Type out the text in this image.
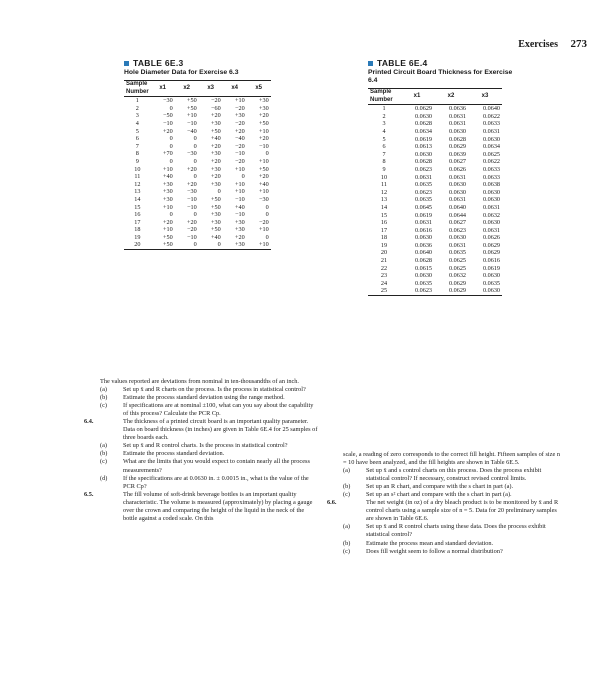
Exercises 273
TABLE 6E.3
Hole Diameter Data for Exercise 6.3
Sample Number	x1	x2	x3	x4	x5
1	−30	+50	−20	+10	+30
2	0	+50	−60	−20	+30
3	−50	+10	+20	+30	+20
4	−10	−10	+30	−20	+50
5	+20	−40	+50	+20	+10
6	0	0	+40	−40	+20
7	0	0	+20	−20	−10
8	+70	−30	+30	−10	0
9	0	0	+20	−20	+10
10	+10	+20	+30	+10	+50
11	+40	0	+20	0	+20
12	+30	+20	+30	+10	+40
13	+30	−30	0	+10	+10
14	+30	−10	+50	−10	−30
15	+10	−10	+50	+40	0
16	0	0	+30	−10	0
17	+20	+20	+30	+30	−20
18	+10	−20	+50	+30	+10
19	+50	−10	+40	+20	0
20	+50	0	0	+30	+10
TABLE 6E.4
Printed Circuit Board Thickness for Exercise 6.4
Sample Number	x1	x2	x3
1	0.0629	0.0636	0.0640
2	0.0630	0.0631	0.0622
3	0.0628	0.0631	0.0633
4	0.0634	0.0630	0.0631
5	0.0619	0.0628	0.0630
6	0.0613	0.0629	0.0634
7	0.0630	0.0639	0.0625
8	0.0628	0.0627	0.0622
9	0.0623	0.0626	0.0633
10	0.0631	0.0631	0.0633
11	0.0635	0.0630	0.0638
12	0.0623	0.0630	0.0630
13	0.0635	0.0631	0.0630
14	0.0645	0.0640	0.0631
15	0.0619	0.0644	0.0632
16	0.0631	0.0627	0.0630
17	0.0616	0.0623	0.0631
18	0.0630	0.0630	0.0626
19	0.0636	0.0631	0.0629
20	0.0640	0.0635	0.0629
21	0.0628	0.0625	0.0616
22	0.0615	0.0625	0.0619
23	0.0630	0.0632	0.0630
24	0.0635	0.0629	0.0635
25	0.0623	0.0629	0.0630

The values reported are deviations from nominal in ten-thousandths of an inch.

(a)	Set up x̄ and R charts on the process. Is the process in statistical control?
(b) Estimate the process standard deviation using the range method.
(c)	If specifications are at nominal ±100, what can you say about the capability of this process? Calculate the PCR Cp.
6.4.	The thickness of a printed circuit board is an important quality parameter. Data on board thickness (in inches) are given in Table 6E.4 for 25 samples of three boards each.
(a)	Set up x̄ and R control charts. Is the process in statistical control?
(b) Estimate the process standard deviation.
(c)	What are the limits that you would expect to contain nearly all the process measurements?
(d) If the specifications are at 0.0630 in. ± 0.0015 in., what is the value of the PCR Cp?
6.5.	The fill volume of soft-drink beverage bottles is an important quality characteristic. The volume is measured (approximately) by placing a gauge over the crown and comparing the height of the liquid in the neck of the bottle against a coded scale. On this

scale, a reading of zero corresponds to the correct fill height. Fifteen samples of size n = 10 have been analyzed, and the fill heights are shown in Table 6E.5.

(a)	Set up x̄ and s control charts on this process. Does the process exhibit statistical control? If necessary, construct revised control limits.
(b) Set up an R chart, and compare with the s chart in part (a).
(c)	Set up an s² chart and compare with the s chart in part (a).
6.6.	The net weight (in oz) of a dry bleach product is to be monitored by x̄ and R control charts using a sample size of n = 5. Data for 20 preliminary samples are shown in Table 6E.6.
(a)	Set up x̄ and R control charts using these data. Does the process exhibit statistical control?
(b) Estimate the process mean and standard deviation.
(c)	Does fill weight seem to follow a normal distribution?
